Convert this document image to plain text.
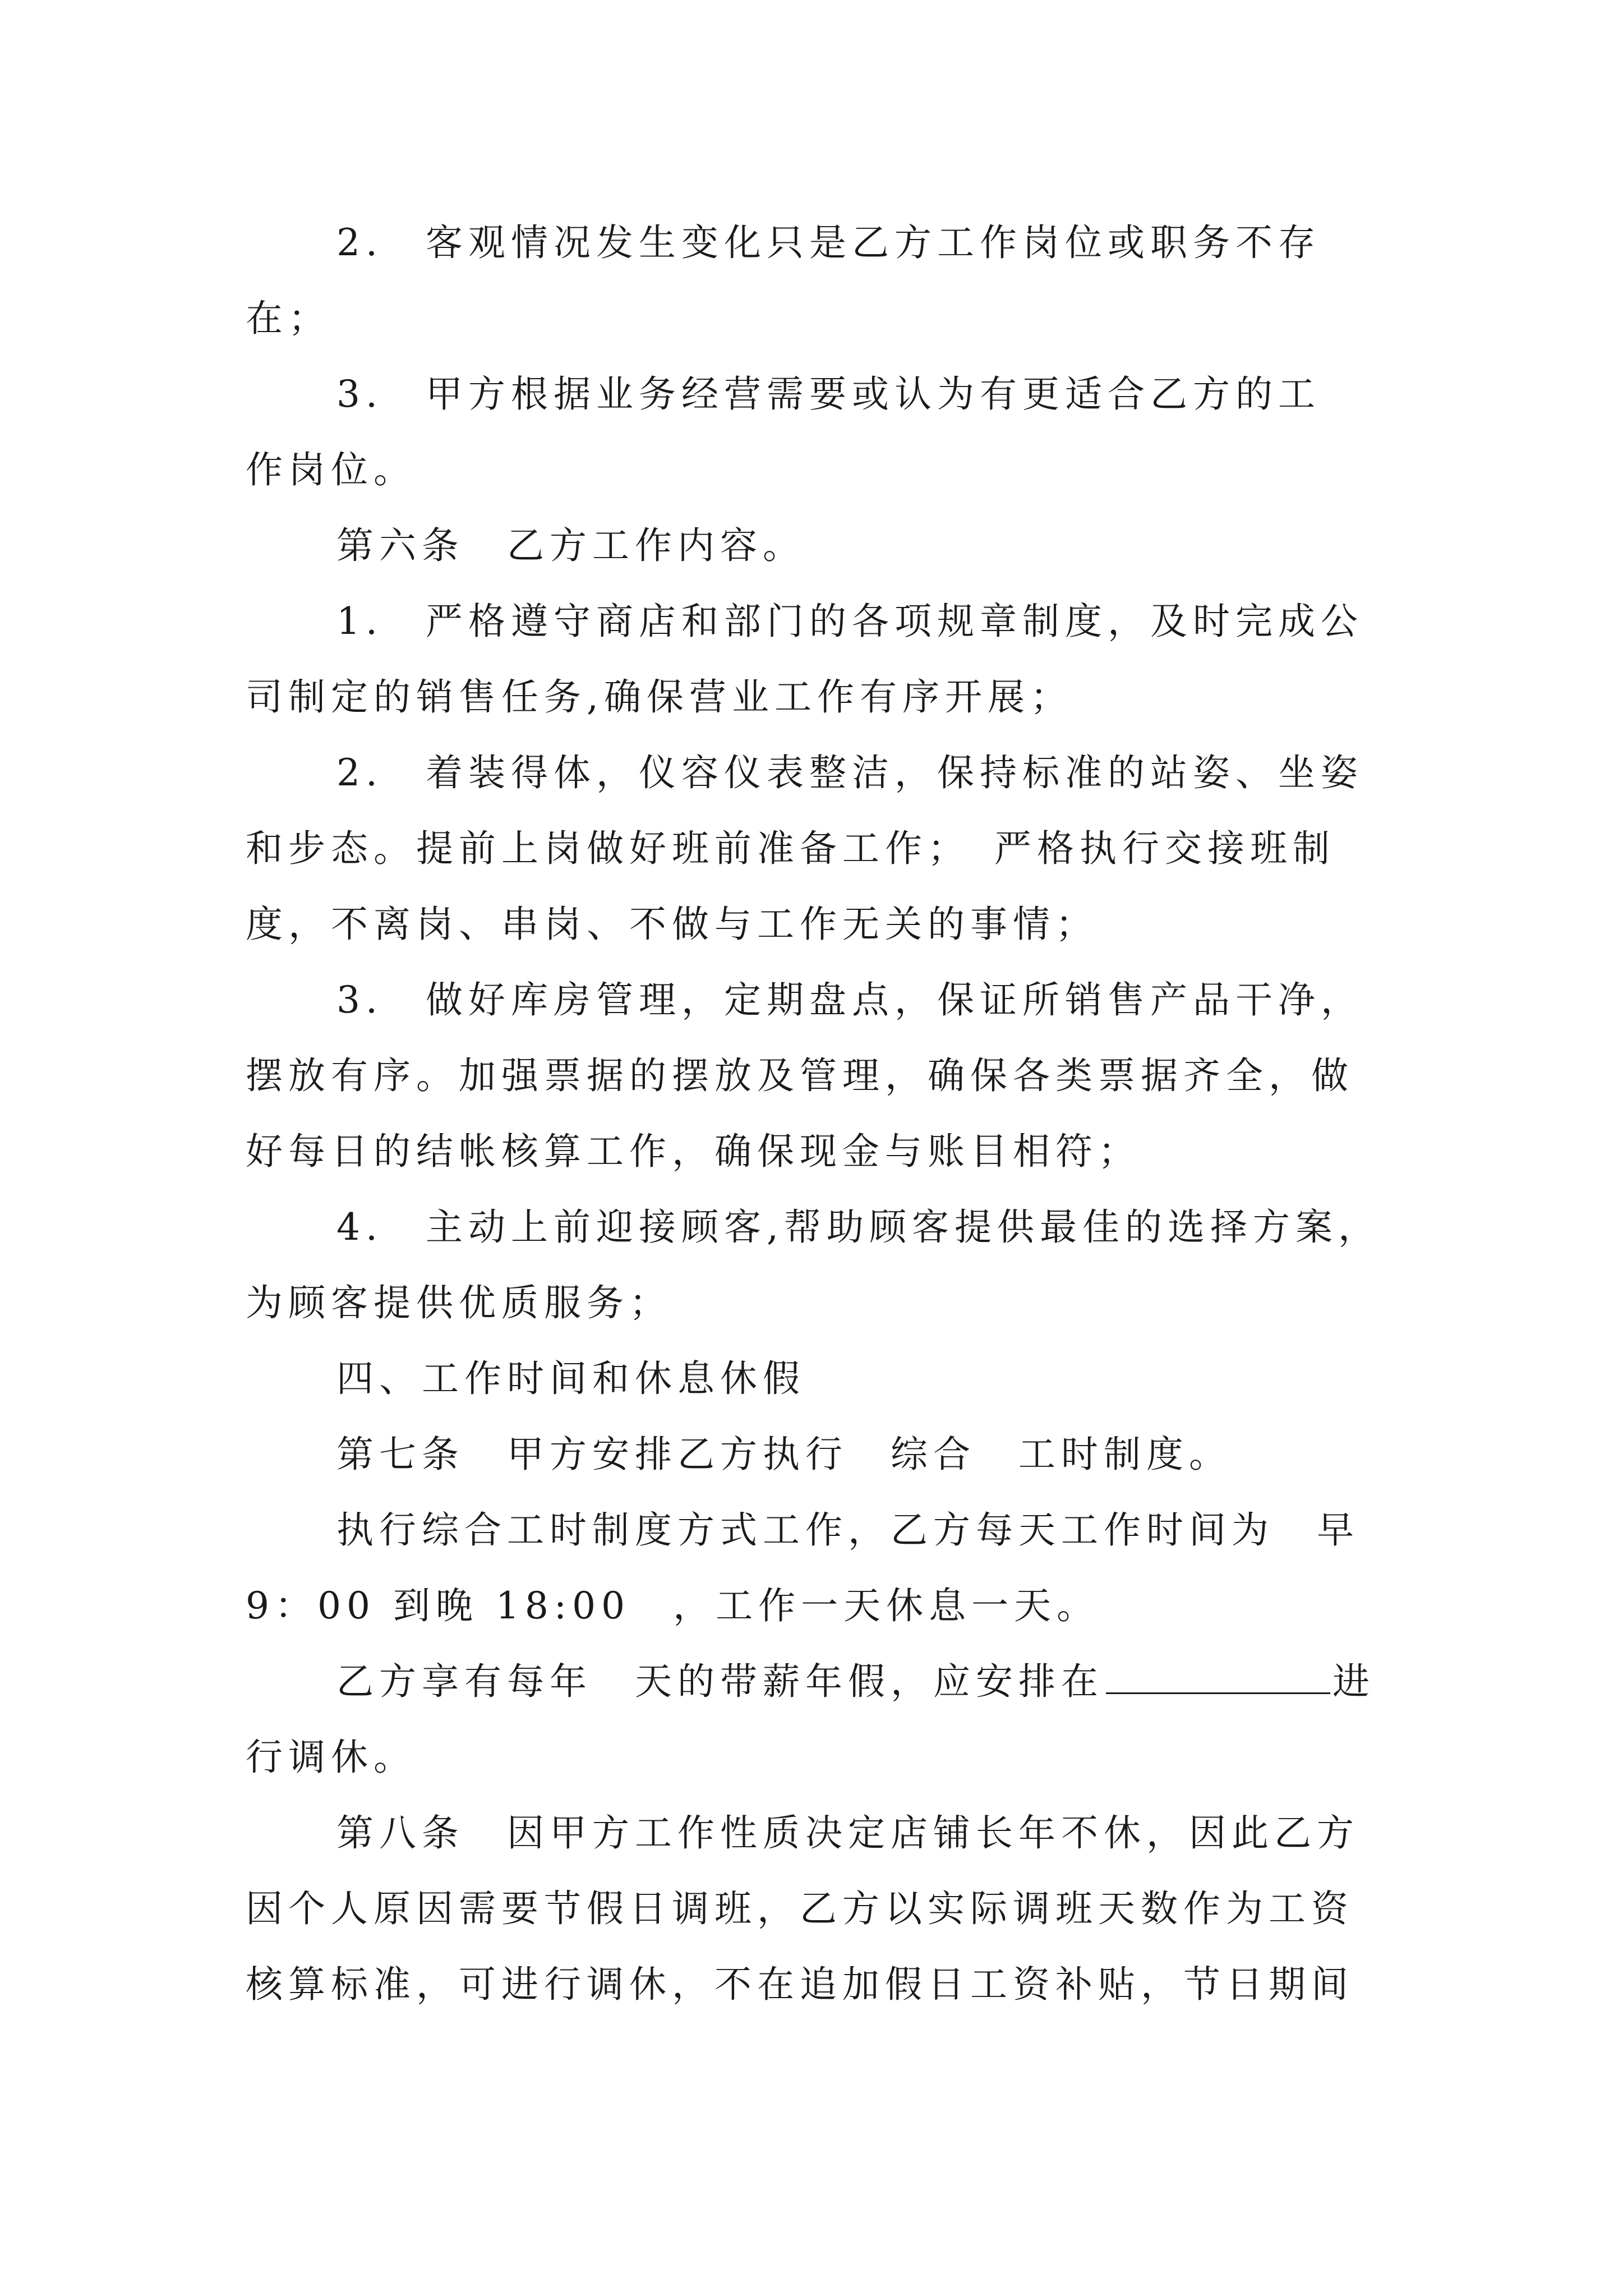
2.　客观情况发生变化只是乙方工作岗位或职务不存
在；
3.　甲方根据业务经营需要或认为有更适合乙方的工
作岗位。
第六条　乙方工作内容。
1.　严格遵守商店和部门的各项规章制度，及时完成公
司制定的销售任务,确保营业工作有序开展；
2.　着装得体，仪容仪表整洁，保持标准的站姿、坐姿
和步态。提前上岗做好班前准备工作；　严格执行交接班制
度，不离岗、串岗、不做与工作无关的事情；
3.　做好库房管理，定期盘点，保证所销售产品干净，
摆放有序。加强票据的摆放及管理，确保各类票据齐全，做
好每日的结帐核算工作，确保现金与账目相符；
4.　主动上前迎接顾客,帮助顾客提供最佳的选择方案，
为顾客提供优质服务；
四、工作时间和休息休假
第七条　甲方安排乙方执行　综合　工时制度。
执行综合工时制度方式工作，乙方每天工作时间为　早
9：00 到晚 18:00　，工作一天休息一天。
乙方享有每年　天的带薪年假，应安排在	进
行调休。
第八条　因甲方工作性质决定店铺长年不休，因此乙方
因个人原因需要节假日调班，乙方以实际调班天数作为工资
核算标准，可进行调休，不在追加假日工资补贴，节日期间
